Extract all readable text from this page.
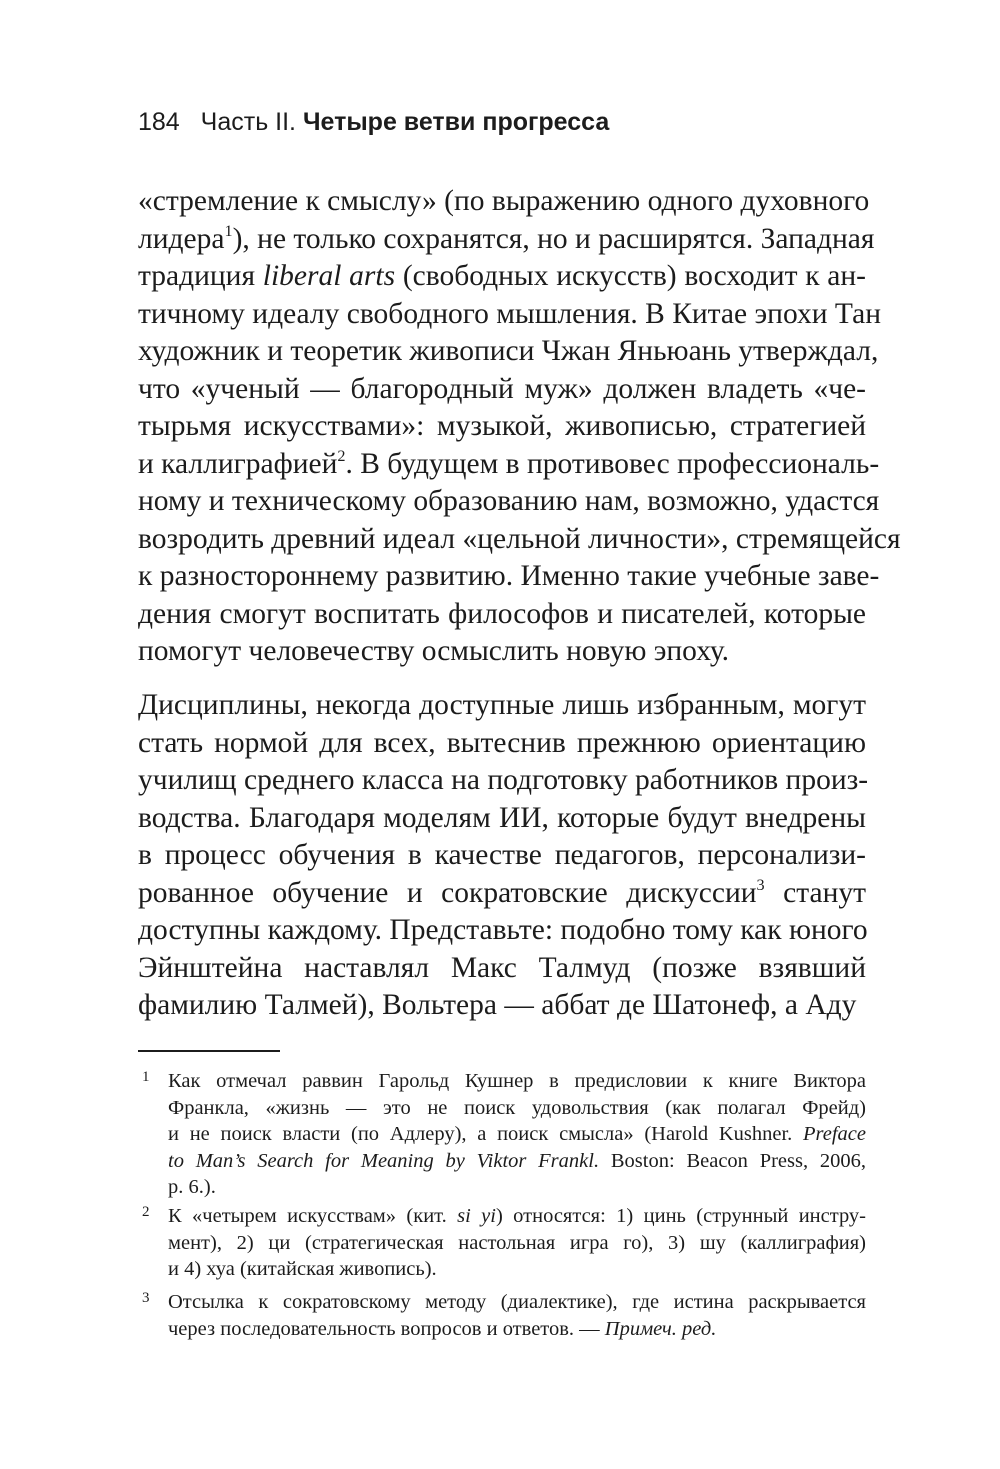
184 Часть II. Четыре ветви прогресса
«стремление к смыслу» (по выражению одного духовного
лидера$^1$), не только сохранятся, но и расширятся. Западная
традиция liberal arts (свободных искусств) восходит к ан-
тичному идеалу свободного мышления. В Китае эпохи Тан
художник и теоретик живописи Чжан Яньюань утверждал,
что «ученый — благородный муж» должен владеть «че-
тырьмя искусствами»: музыкой, живописью, стратегией
и каллиграфией$^2$. В будущем в противовес профессиональ-
ному и техническому образованию нам, возможно, удастся
возродить древний идеал «цельной личности», стремящейся
к разностороннему развитию. Именно такие учебные заве-
дения смогут воспитать философов и писателей, которые
помогут человечеству осмыслить новую эпоху.
Дисциплины, некогда доступные лишь избранным, могут
стать нормой для всех, вытеснив прежнюю ориентацию
училищ среднего класса на подготовку работников произ-
водства. Благодаря моделям ИИ, которые будут внедрены
в процесс обучения в качестве педагогов, персонализи-
рованное обучение и сократовские дискуссии$^3$ станут
доступны каждому. Представьте: подобно тому как юного
Эйнштейна наставлял Макс Талмуд (позже взявший
фамилию Талмей), Вольтера — аббат де Шатонеф, а Аду
1 Как отмечал раввин Гарольд Кушнер в предисловии к книге Виктора
Франкла, «жизнь — это не поиск удовольствия (как полагал Фрейд)
и не поиск власти (по Адлеру), а поиск смысла» (Harold Kushner. Preface
to Man’s Search for Meaning by Viktor Frankl. Boston: Beacon Press, 2006,
p. 6.).
2 К «четырем искусствам» (кит. si yi) относятся: 1) цинь (струнный инстру-
мент), 2) ци (стратегическая настольная игра го), 3) шу (каллиграфия)
и 4) хуа (китайская живопись).
3 Отсылка к сократовскому методу (диалектике), где истина раскрывается
через последовательность вопросов и ответов. — Примеч. ред.
